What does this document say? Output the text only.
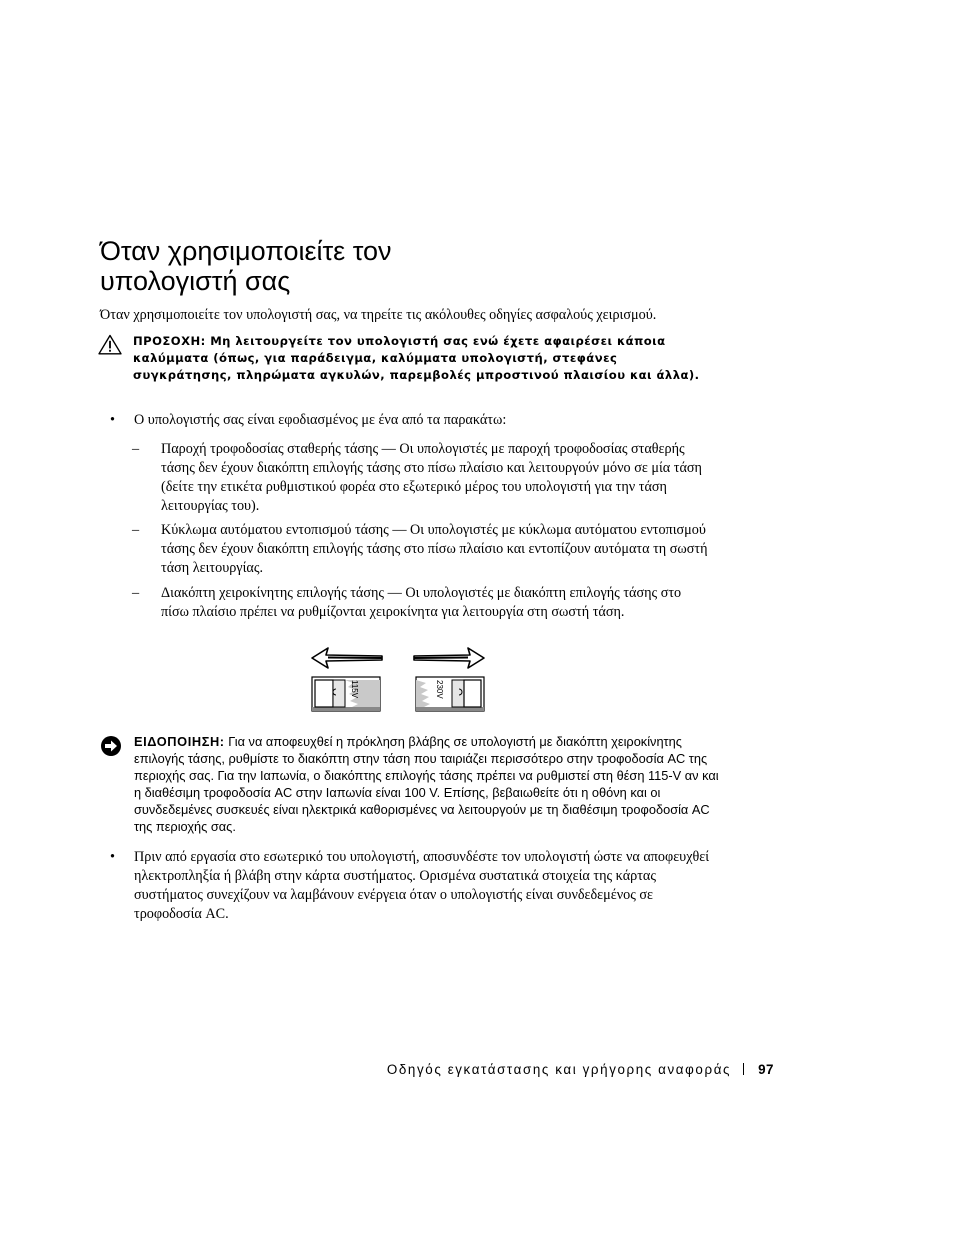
Όταν χρησιμοποιείτε τον
υπολογιστή σας

Όταν χρησιμοποιείτε τον υπολογιστή σας, να τηρείτε τις ακόλουθες οδηγίες ασφαλούς χειρισμού.

ΠΡΟΣΟΧΗ: Μη λειτουργείτε τον υπολογιστή σας ενώ έχετε αφαιρέσει κάποια καλύμματα (όπως, για παράδειγμα, καλύμματα υπολογιστή, στεφάνες συγκράτησης, πληρώματα αγκυλών, παρεμβολές μπροστινού πλαισίου και άλλα).

• Ο υπολογιστής σας είναι εφοδιασμένος με ένα από τα παρακάτω:
– Παροχή τροφοδοσίας σταθερής τάσης — Οι υπολογιστές με παροχή τροφοδοσίας σταθερής τάσης δεν έχουν διακόπτη επιλογής τάσης στο πίσω πλαίσιο και λειτουργούν μόνο σε μία τάση (δείτε την ετικέτα ρυθμιστικού φορέα στο εξωτερικό μέρος του υπολογιστή για την τάση λειτουργίας του).
– Κύκλωμα αυτόματου εντοπισμού τάσης — Οι υπολογιστές με κύκλωμα αυτόματου εντοπισμού τάσης δεν έχουν διακόπτη επιλογής τάσης στο πίσω πλαίσιο και εντοπίζουν αυτόματα τη σωστή τάση λειτουργίας.
– Διακόπτη χειροκίνητης επιλογής τάσης — Οι υπολογιστές με διακόπτη επιλογής τάσης στο πίσω πλαίσιο πρέπει να ρυθμίζονται χειροκίνητα για λειτουργία στη σωστή τάση.
115V	230V

ΕΙΔΟΠΟΙΗΣΗ: Για να αποφευχθεί η πρόκληση βλάβης σε υπολογιστή με διακόπτη χειροκίνητης επιλογής τάσης, ρυθμίστε το διακόπτη στην τάση που ταιριάζει περισσότερο στην τροφοδοσία AC της περιοχής σας. Για την Ιαπωνία, ο διακόπτης επιλογής τάσης πρέπει να ρυθμιστεί στη θέση 115-V αν και η διαθέσιμη τροφοδοσία AC στην Ιαπωνία είναι 100 V. Επίσης, βεβαιωθείτε ότι η οθόνη και οι συνδεδεμένες συσκευές είναι ηλεκτρικά καθορισμένες να λειτουργούν με τη διαθέσιμη τροφοδοσία AC της περιοχής σας.

• Πριν από εργασία στο εσωτερικό του υπολογιστή, αποσυνδέστε τον υπολογιστή ώστε να αποφευχθεί ηλεκτροπληξία ή βλάβη στην κάρτα συστήματος. Ορισμένα συστατικά στοιχεία της κάρτας συστήματος συνεχίζουν να λαμβάνουν ενέργεια όταν ο υπολογιστής είναι συνδεδεμένος σε τροφοδοσία AC.
Οδηγός εγκατάστασης και γρήγορης αναφοράς 97
